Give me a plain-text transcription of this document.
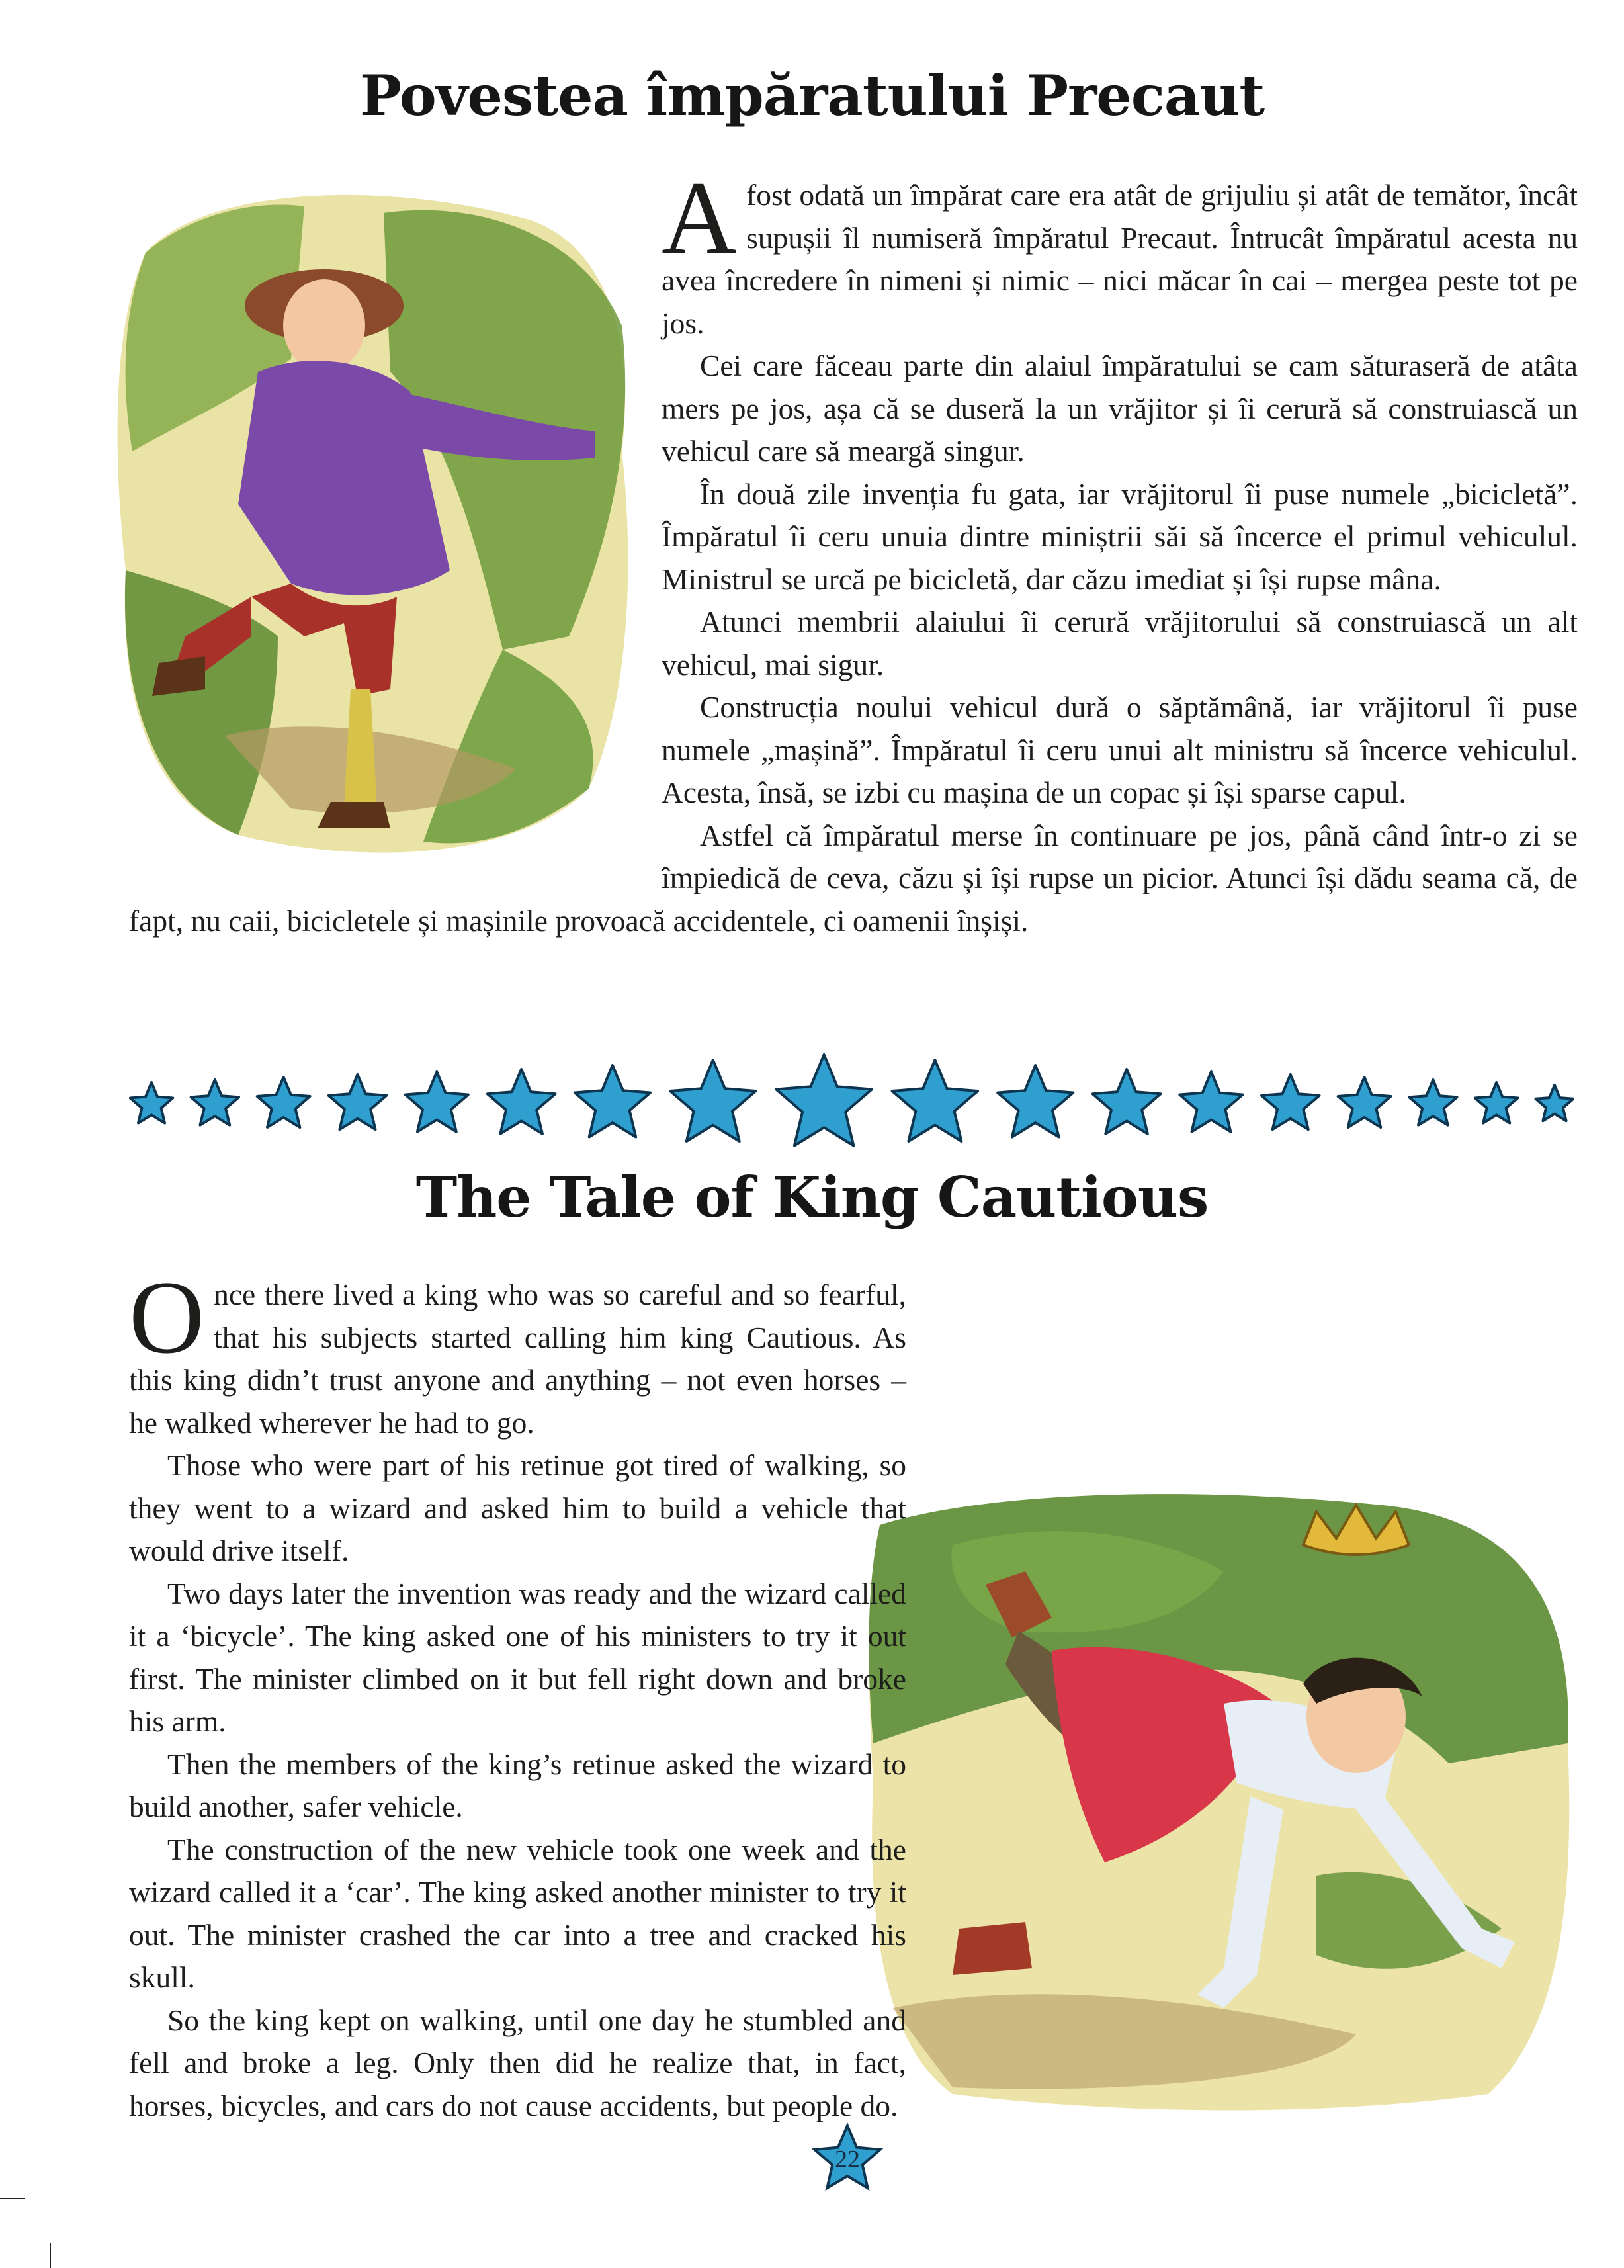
Povestea împăratului Precaut

Afost odată un împărat care era atât de grijuliu și atât de temător, încât supușii îl numiseră împăratul Precaut. Întrucât împăratul acesta nu avea încredere în nimeni și nimic – nici măcar în cai – mergea peste tot pe jos.

Cei care făceau parte din alaiul împăratului se cam săturaseră de atâta mers pe jos, așa că se duseră la un vrăjitor și îi cerură să construiască un vehicul care să meargă singur.

În două zile invenția fu gata, iar vrăjitorul îi puse numele „bicicletă”. Împăratul îi ceru unuia dintre miniștrii săi să încerce el primul vehiculul. Ministrul se urcă pe bicicletă, dar căzu imediat și își rupse mâna.

Atunci membrii alaiului îi cerură vrăjitorului să construiască un alt vehicul, mai sigur.

Construcția noului vehicul durǎ o săptămână, iar vrăjitorul îi puse numele „mașină”. Împăratul îi ceru unui alt ministru să încerce vehiculul. Acesta, însă, se izbi cu mașina de un copac și își sparse capul.

Astfel că împăratul merse în continuare pe jos, până când într-o zi se împiedică de ceva, căzu și își rupse un picior. Atunci își dădu seama că, de fapt, nu caii, bicicletele și mașinile provoacă accidentele, ci oamenii înșiși.

The Tale of King Cautious

Once there lived a king who was so careful and so fearful, that his subjects started calling him king Cautious. As this king didn’t trust anyone and anything – not even horses – he walked wherever he had to go.

Those who were part of his retinue got tired of walking, so they went to a wizard and asked him to build a vehicle that would drive itself.

Two days later the invention was ready and the wizard called it a ‘bicycle’. The king asked one of his ministers to try it out first. The minister climbed on it but fell right down and broke his arm.

Then the members of the king’s retinue asked the wizard to build another, safer vehicle.

The construction of the new vehicle took one week and the wizard called it a ‘car’. The king asked another minister to try it out. The minister crashed the car into a tree and cracked his skull.

So the king kept on walking, until one day he stumbled and fell and broke a leg. Only then did he realize that, in fact, horses, bicycles, and cars do not cause accidents, but people do.

22
